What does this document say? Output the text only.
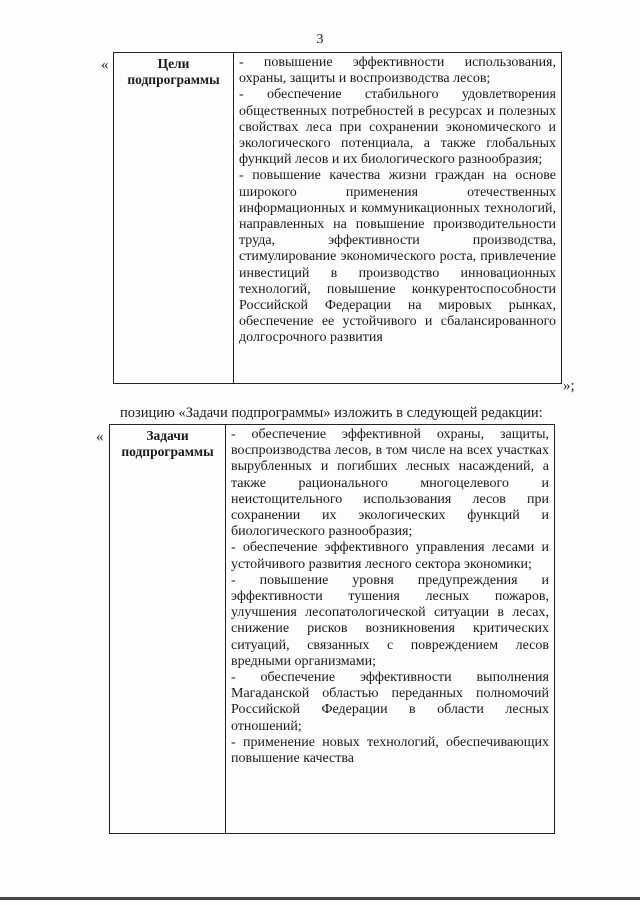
3
«	Цели подпрограммы	

- повышение эффективности использования, охраны, защиты и воспроизводства лесов;

- обеспечение стабильного удовлетворения общественных потребностей в ресурсах и полезных свойствах леса при сохранении экономического и экологического потенциала, а также глобальных функций лесов и их биологического разнообразия;

- повышение качества жизни граждан на основе широкого применения отечественных информационных и коммуникационных технологий, направленных на повышение производительности труда, эффективности производства, стимулирование экономического роста, привлечение инвестиций в производство инновационных технологий, повышение конкурентоспособности Российской Федерации на мировых рынках, обеспечение ее устойчивого и сбалансированного долгосрочного развития

»;
позицию «Задачи подпрограммы» изложить в следующей редакции:
«	Задачи подпрограммы	

- обеспечение эффективной охраны, защиты, воспроизводства лесов, в том числе на всех участках вырубленных и погибших лесных насаждений, а также рационального многоцелевого и неистощительного использования лесов при сохранении их экологических функций и биологического разнообразия;

- обеспечение эффективного управления лесами и устойчивого развития лесного сектора экономики;

- повышение уровня предупреждения и эффективности тушения лесных пожаров, улучшения лесопатологической ситуации в лесах, снижение рисков возникновения критических ситуаций, связанных с повреждением лесов вредными организмами;

- обеспечение эффективности выполнения Магаданской областью переданных полномочий Российской Федерации в области лесных отношений;

- применение новых технологий, обеспечивающих повышение качества
